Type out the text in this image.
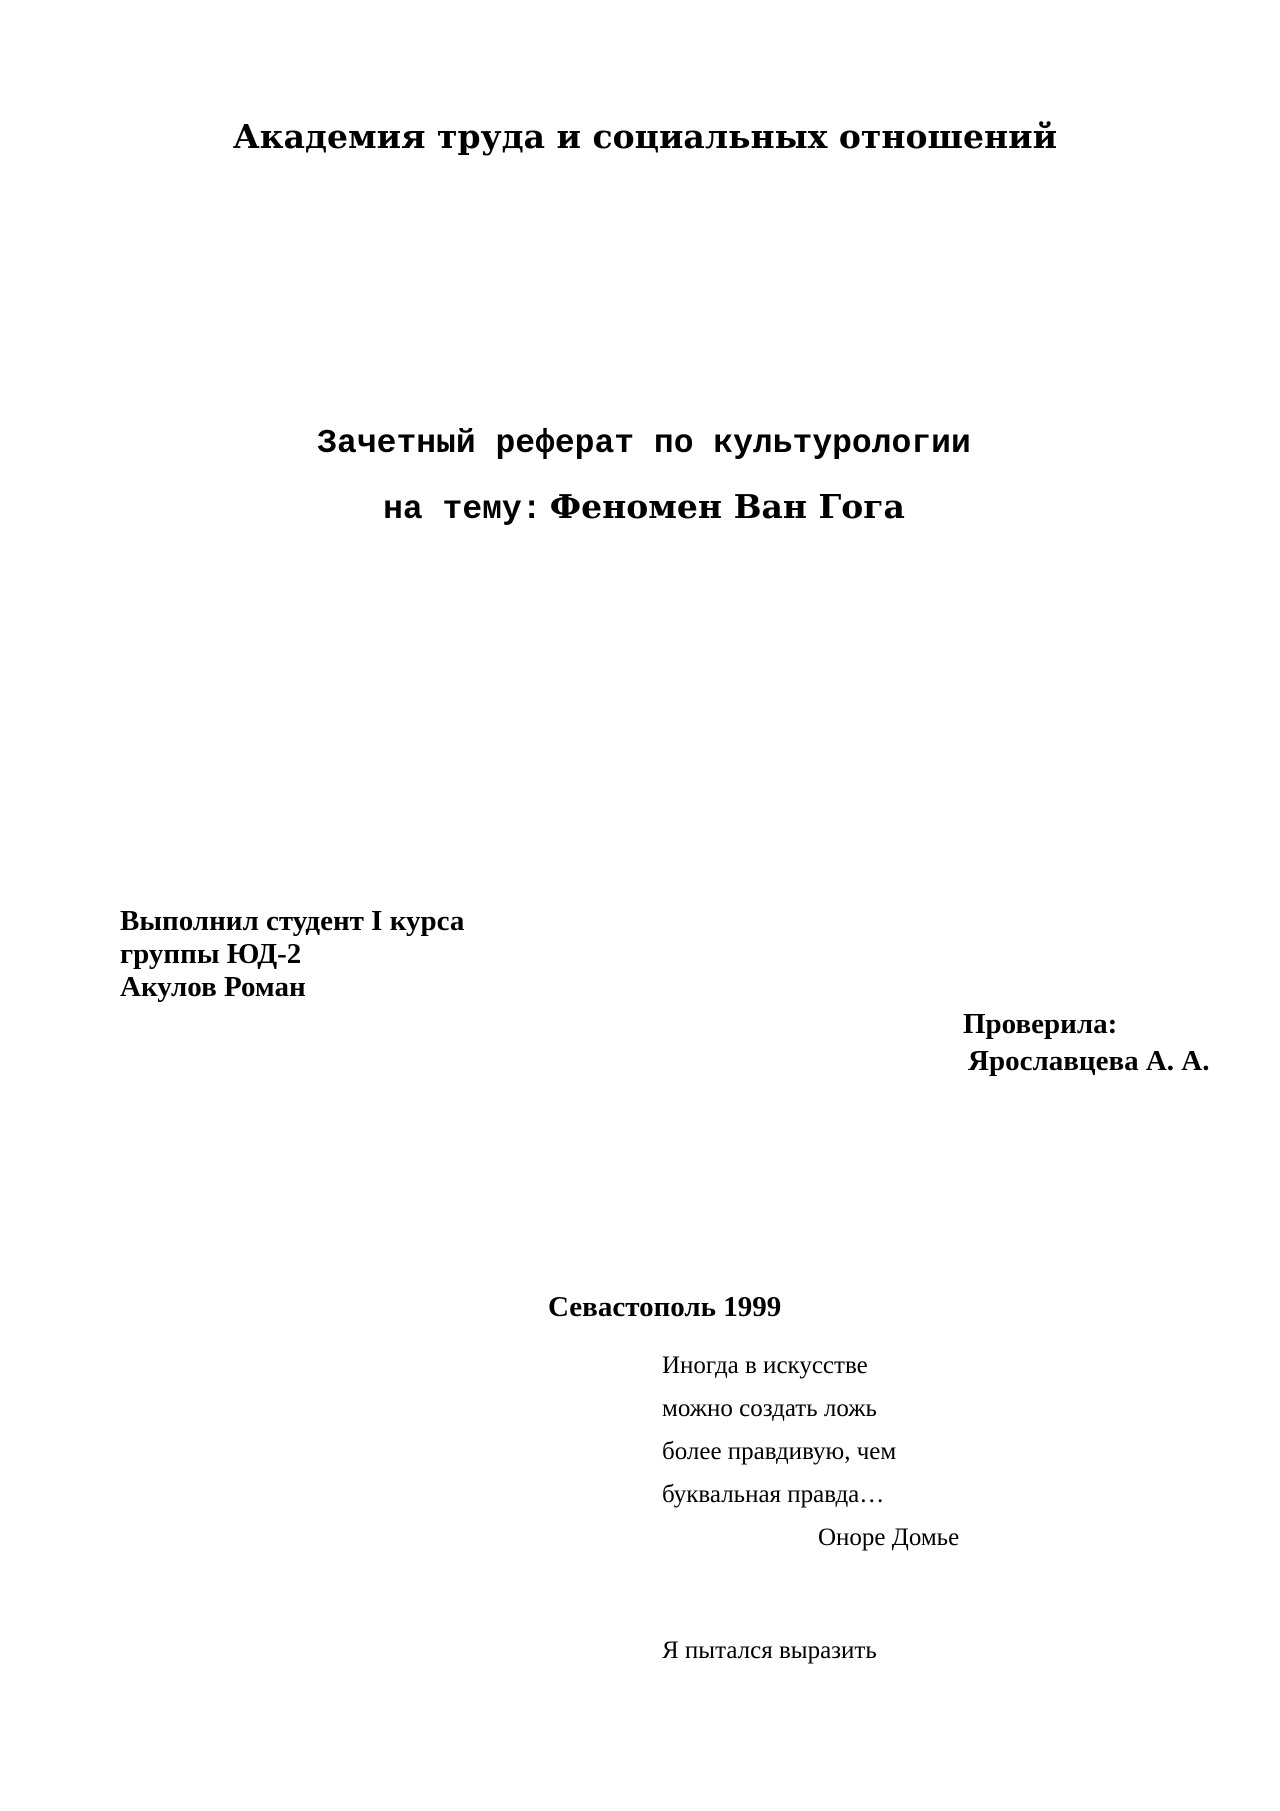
Академия труда и социальных отношений

Зачетный реферат по культурологии

на тему: Феномен Ван Гога

Выполнил студент I курса
группы ЮД-2
Акулов Роман
Проверила:
Ярославцева А. А.

Севастополь 1999

Иногда в искусстве
можно создать ложь
более правдивую, чем
буквальная правда…
Оноре Домье
Я пытался выразить
